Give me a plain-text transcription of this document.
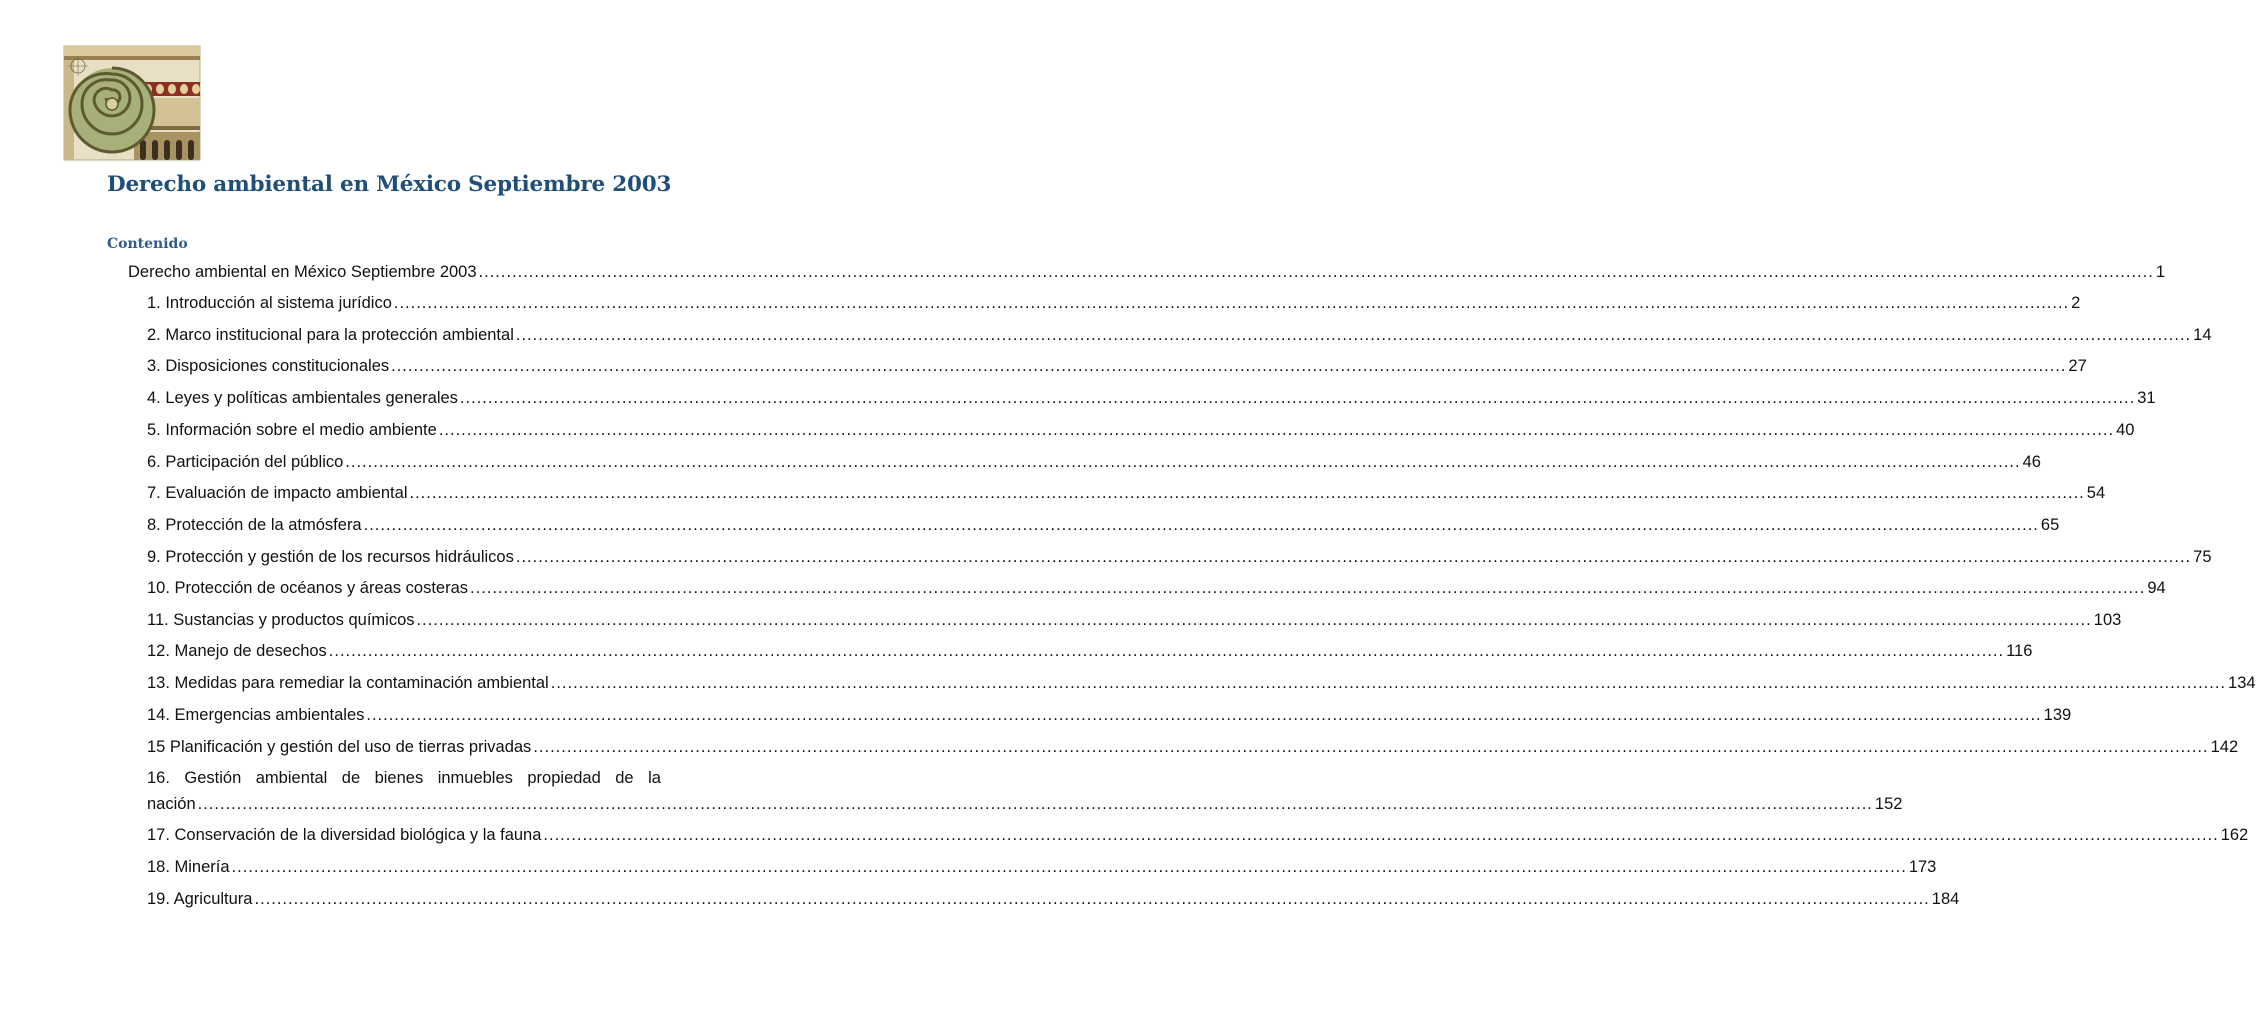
Derecho ambiental en México Septiembre 2003
Contenido
Derecho ambiental en México Septiembre 2003 ............................................................................................................................................................................................................................................................................................................ 1
1. Introducción al sistema jurídico ............................................................................................................................................................................................................................................................................................................ 2
2. Marco institucional para la protección ambiental ............................................................................................................................................................................................................................................................................................................ 14
3. Disposiciones constitucionales ............................................................................................................................................................................................................................................................................................................ 27
4. Leyes y políticas ambientales generales ............................................................................................................................................................................................................................................................................................................ 31
5. Información sobre el medio ambiente ............................................................................................................................................................................................................................................................................................................ 40
6. Participación del público ............................................................................................................................................................................................................................................................................................................ 46
7. Evaluación de impacto ambiental ............................................................................................................................................................................................................................................................................................................ 54
8. Protección de la atmósfera ............................................................................................................................................................................................................................................................................................................ 65
9. Protección y gestión de los recursos hidráulicos ............................................................................................................................................................................................................................................................................................................ 75
10. Protección de océanos y áreas costeras ............................................................................................................................................................................................................................................................................................................ 94
11. Sustancias y productos químicos ............................................................................................................................................................................................................................................................................................................ 103
12. Manejo de desechos ............................................................................................................................................................................................................................................................................................................ 116
13. Medidas para remediar la contaminación ambiental ............................................................................................................................................................................................................................................................................................................ 134
14. Emergencias ambientales ............................................................................................................................................................................................................................................................................................................ 139
15 Planificación y gestión del uso de tierras privadas ............................................................................................................................................................................................................................................................................................................ 142
16. Gestión ambiental de bienes inmuebles propiedad de la
nación ............................................................................................................................................................................................................................................................................................................ 152
17. Conservación de la diversidad biológica y la fauna ............................................................................................................................................................................................................................................................................................................ 162
18. Minería ............................................................................................................................................................................................................................................................................................................ 173
19. Agricultura ............................................................................................................................................................................................................................................................................................................ 184
